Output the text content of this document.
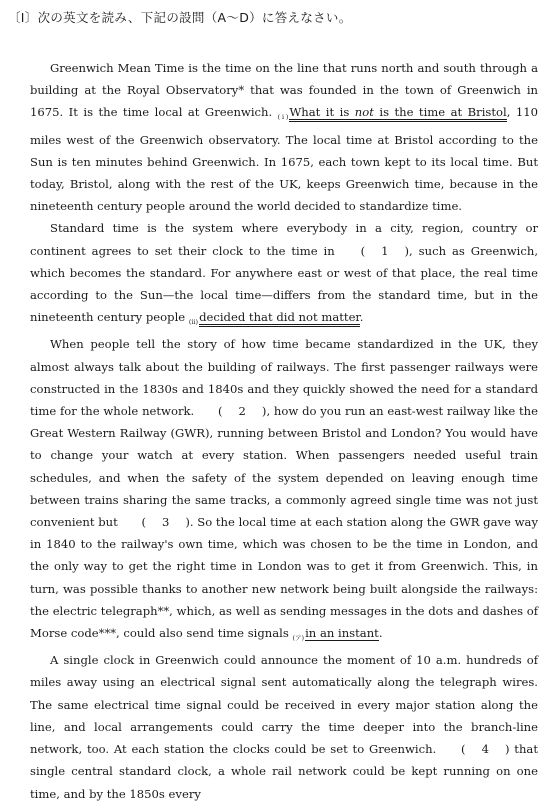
〔Ⅰ〕次の英文を読み、下記の設問（A～D）に答えなさい。

Greenwich Mean Time is the time on the line that runs north and south through a building at the Royal Observatory* that was founded in the town of Greenwich in 1675. It is the time local at Greenwich. $_{(ⅰ)}$What it is not is the time at Bristol, 110 miles west of the Greenwich observatory. The local time at Bristol according to the Sun is ten minutes behind Greenwich. In 1675, each town kept to its local time. But today, Bristol, along with the rest of the UK, keeps Greenwich time, because in the nineteenth century people around the world decided to standardize time.

Standard time is the system where everybody in a city, region, country or continent agrees to set their clock to the time in ( 1 ), such as Greenwich, which becomes the standard. For anywhere east or west of that place, the real time according to the Sun—the local time—differs from the standard time, but in the nineteenth century people $_{(ⅱ)}$decided that did not matter.

When people tell the story of how time became standardized in the UK, they almost always talk about the building of railways. The first passenger railways were constructed in the 1830s and 1840s and they quickly showed the need for a standard time for the whole network. ( 2 ), how do you run an east-west railway like the Great Western Railway (GWR), running between Bristol and London? You would have to change your watch at every station. When passengers needed useful train schedules, and when the safety of the system depended on leaving enough time between trains sharing the same tracks, a commonly agreed single time was not just convenient but ( 3 ). So the local time at each station along the GWR gave way in 1840 to the railway's own time, which was chosen to be the time in London, and the only way to get the right time in London was to get it from Greenwich. This, in turn, was possible thanks to another new network being built alongside the railways: the electric telegraph**, which, as well as sending messages in the dots and dashes of Morse code***, could also send time signals $_{(ア)}$in an instant.

A single clock in Greenwich could announce the moment of 10 a.m. hundreds of miles away using an electrical signal sent automatically along the telegraph wires. The same electrical time signal could be received in every major station along the line, and local arrangements could carry the time deeper into the branch-line network, too. At each station the clocks could be set to Greenwich. ( 4 ) that single central standard clock, a whole rail network could be kept running on one time, and by the 1850s every
